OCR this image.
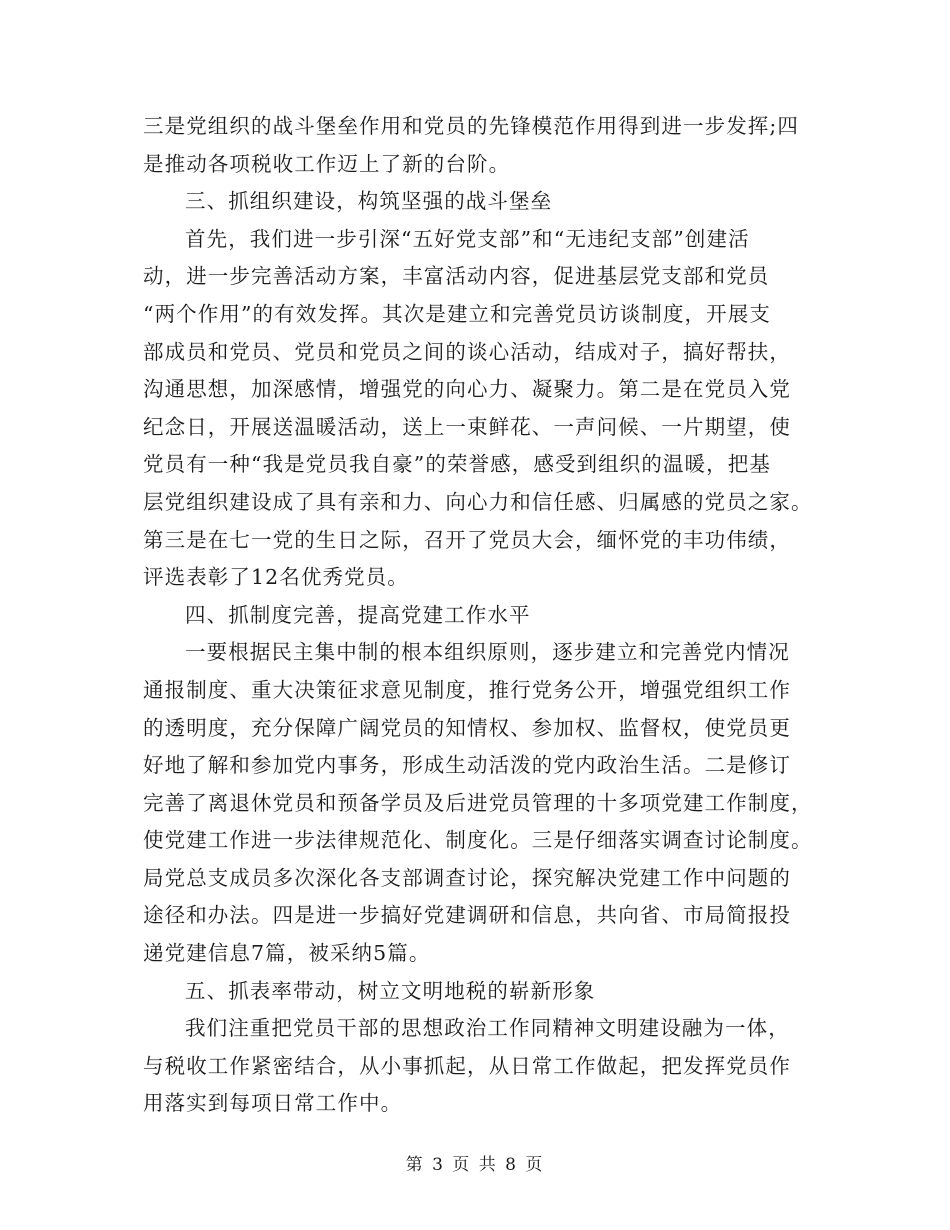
三是党组织的战斗堡垒作用和党员的先锋模范作用得到进一步发挥;四
是推动各项税收工作迈上了新的台阶。
三、抓组织建设，构筑坚强的战斗堡垒
首先，我们进一步引深“五好党支部”和“无违纪支部”创建活
动，进一步完善活动方案，丰富活动内容，促进基层党支部和党员
“两个作用”的有效发挥。其次是建立和完善党员访谈制度，开展支
部成员和党员、党员和党员之间的谈心活动，结成对子，搞好帮扶，
沟通思想，加深感情，增强党的向心力、凝聚力。第二是在党员入党
纪念日，开展送温暖活动，送上一束鲜花、一声问候、一片期望，使
党员有一种“我是党员我自豪”的荣誉感，感受到组织的温暖，把基
层党组织建设成了具有亲和力、向心力和信任感、归属感的党员之家。
第三是在七一党的生日之际，召开了党员大会，缅怀党的丰功伟绩，
评选表彰了12名优秀党员。
四、抓制度完善，提高党建工作水平
一要根据民主集中制的根本组织原则，逐步建立和完善党内情况
通报制度、重大决策征求意见制度，推行党务公开，增强党组织工作
的透明度，充分保障广阔党员的知情权、参加权、监督权，使党员更
好地了解和参加党内事务，形成生动活泼的党内政治生活。二是修订
完善了离退休党员和预备学员及后进党员管理的十多项党建工作制度，
使党建工作进一步法律规范化、制度化。三是仔细落实调查讨论制度。
局党总支成员多次深化各支部调查讨论，探究解决党建工作中问题的
途径和办法。四是进一步搞好党建调研和信息，共向省、市局简报投
递党建信息7篇，被采纳5篇。
五、抓表率带动，树立文明地税的崭新形象
我们注重把党员干部的思想政治工作同精神文明建设融为一体，
与税收工作紧密结合，从小事抓起，从日常工作做起，把发挥党员作
用落实到每项日常工作中。
第 3 页 共 8 页
